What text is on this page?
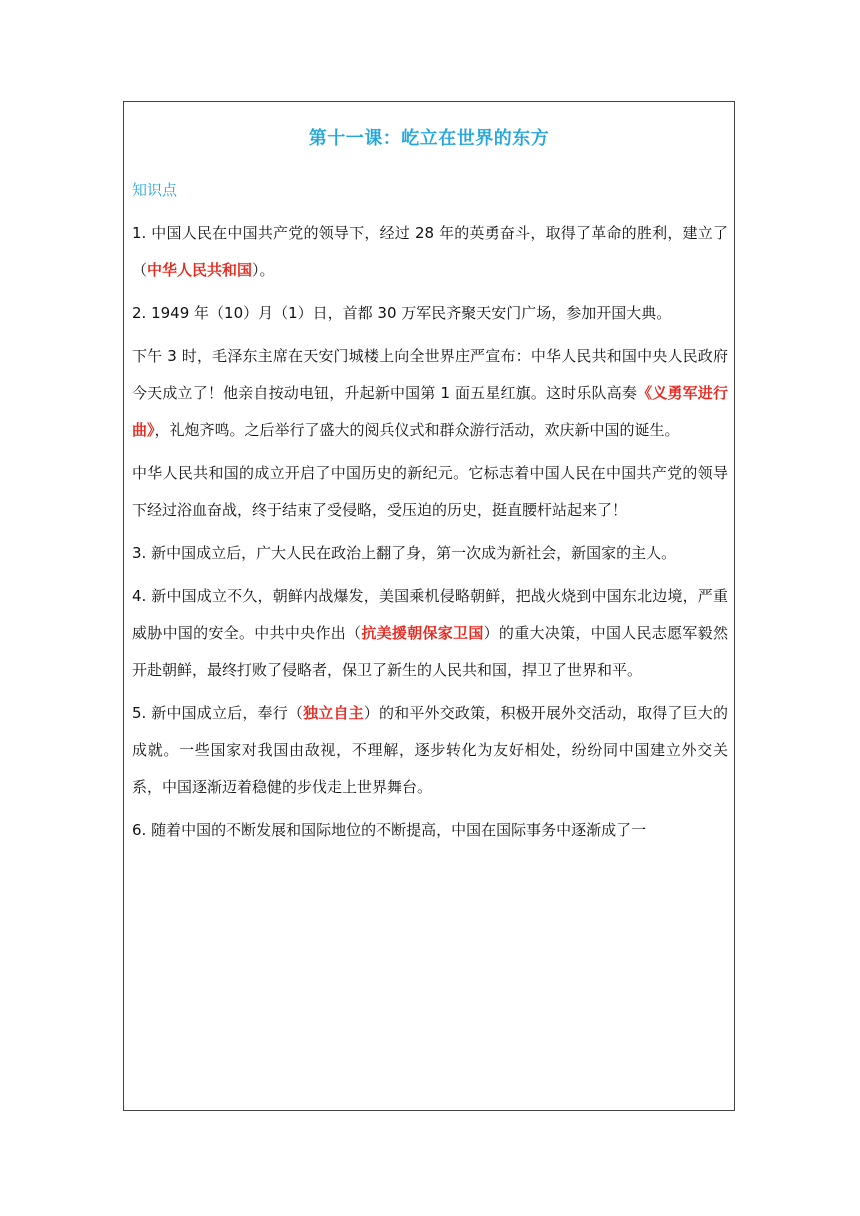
第十一课：屹立在世界的东方
知识点

1. 中国人民在中国共产党的领导下，经过 28 年的英勇奋斗，取得了革命的胜利，建立了（中华人民共和国）。

2. 1949 年（10）月（1）日，首都 30 万军民齐聚天安门广场，参加开国大典。

下午 3 时，毛泽东主席在天安门城楼上向全世界庄严宣布：中华人民共和国中央人民政府今天成立了！他亲自按动电钮，升起新中国第 1 面五星红旗。这时乐队高奏《义勇军进行曲》，礼炮齐鸣。之后举行了盛大的阅兵仪式和群众游行活动，欢庆新中国的诞生。

中华人民共和国的成立开启了中国历史的新纪元。它标志着中国人民在中国共产党的领导下经过浴血奋战，终于结束了受侵略，受压迫的历史，挺直腰杆站起来了！

3. 新中国成立后，广大人民在政治上翻了身，第一次成为新社会，新国家的主人。

4. 新中国成立不久，朝鲜内战爆发，美国乘机侵略朝鲜，把战火烧到中国东北边境，严重威胁中国的安全。中共中央作出（抗美援朝保家卫国）的重大决策，中国人民志愿军毅然开赴朝鲜，最终打败了侵略者，保卫了新生的人民共和国，捍卫了世界和平。

5. 新中国成立后，奉行（独立自主）的和平外交政策，积极开展外交活动，取得了巨大的成就。一些国家对我国由敌视，不理解，逐步转化为友好相处，纷纷同中国建立外交关系，中国逐渐迈着稳健的步伐走上世界舞台。

6. 随着中国的不断发展和国际地位的不断提高，中国在国际事务中逐渐成了一
